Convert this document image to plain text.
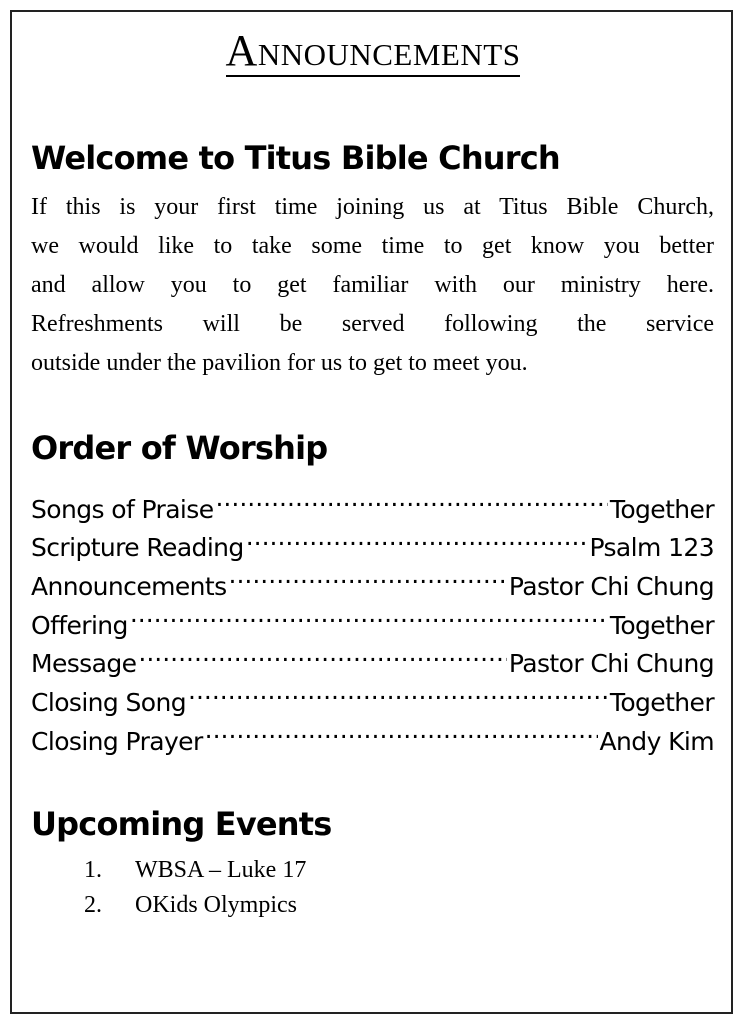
Announcements
Welcome to Titus Bible Church
If this is your first time joining us at Titus Bible Church,
we would like to take some time to get know you better
and allow you to get familiar with our ministry here.
Refreshments will be served following the service
outside under the pavilion for us to get to meet you.
Order of Worship
Songs of Praise .....	Together
Scripture Reading .....	Psalm 123
Announcements .....	Pastor Chi Chung
Offering .....	Together
Message .....	Pastor Chi Chung
Closing Song .....	Together
Closing Prayer .....	Andy Kim
Upcoming Events
1.	WBSA – Luke 17
2.	OKids Olympics
